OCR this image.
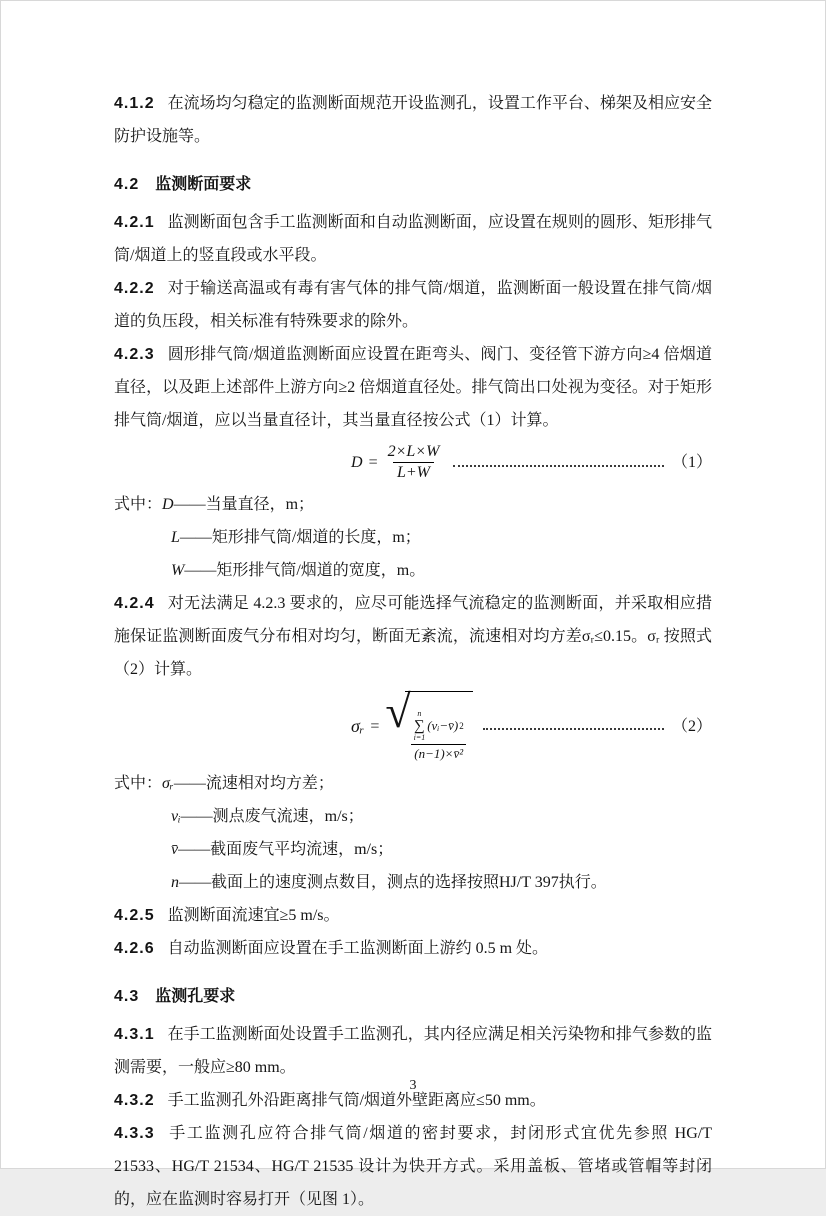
4.1.2 在流场均匀稳定的监测断面规范开设监测孔，设置工作平台、梯架及相应安全防护设施等。

4.2 监测断面要求

4.2.1 监测断面包含手工监测断面和自动监测断面，应设置在规则的圆形、矩形排气筒/烟道上的竖直段或水平段。

4.2.2 对于输送高温或有毒有害气体的排气筒/烟道，监测断面一般设置在排气筒/烟道的负压段，相关标准有特殊要求的除外。

4.2.3 圆形排气筒/烟道监测断面应设置在距弯头、阀门、变径管下游方向≥4 倍烟道直径，以及距上述部件上游方向≥2 倍烟道直径处。排气筒出口处视为变径。对于矩形排气筒/烟道，应以当量直径计，其当量直径按公式（1）计算。

$D = \frac{2\times L\times W}{L+W}$	（1）

式中：D——当量直径，m；

L——矩形排气筒/烟道的长度，m；

W——矩形排气筒/烟道的宽度，m。

4.2.4 对无法满足 4.2.3 要求的，应尽可能选择气流稳定的监测断面，并采取相应措施保证监测断面废气分布相对均匀，断面无紊流，流速相对均方差σᵣ≤0.15。σᵣ 按照式（2）计算。

σᵣ = √ n
∑
i=1
(vᵢ−v̄) 2
(n−1)×v̄²
（2）

式中：σᵣ——流速相对均方差；

vᵢ——测点废气流速，m/s；

v̄——截面废气平均流速，m/s；

n——截面上的速度测点数目，测点的选择按照HJ/T 397执行。

4.2.5 监测断面流速宜≥5 m/s。

4.2.6 自动监测断面应设置在手工监测断面上游约 0.5 m 处。

4.3 监测孔要求

4.3.1 在手工监测断面处设置手工监测孔，其内径应满足相关污染物和排气参数的监测需要，一般应≥80 mm。

4.3.2 手工监测孔外沿距离排气筒/烟道外壁距离应≤50 mm。

4.3.3 手工监测孔应符合排气筒/烟道的密封要求，封闭形式宜优先参照 HG/T 21533、HG/T 21534、HG/T 21535 设计为快开方式。采用盖板、管堵或管帽等封闭的，应在监测时容易打开（见图 1）。

3
